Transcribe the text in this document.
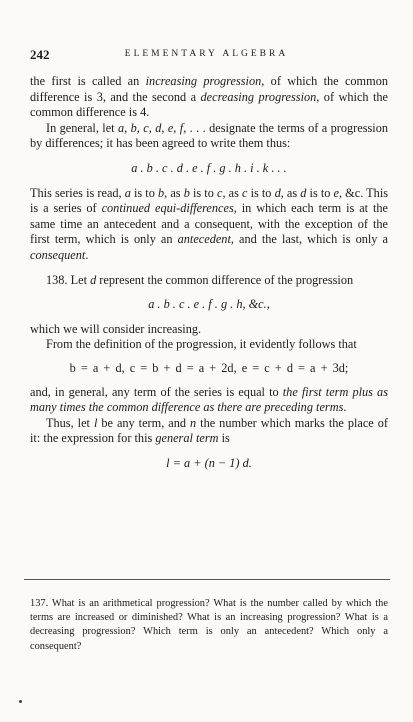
242	ELEMENTARY ALGEBRA

the first is called an increasing progression, of which the common difference is 3, and the second a decreasing progression, of which the common difference is 4.

In general, let a, b, c, d, e, f, . . . designate the terms of a progression by differences; it has been agreed to write them thus:

a . b . c . d . e . f . g . h . i . k . . .

This series is read, a is to b, as b is to c, as c is to d, as d is to e, &c. This is a series of continued equi-differences, in which each term is at the same time an antecedent and a consequent, with the exception of the first term, which is only an antecedent, and the last, which is only a consequent.

138. Let d represent the common difference of the progression

a . b . c . e . f . g . h, &c.,

which we will consider increasing.

From the definition of the progression, it evidently follows that

b = a + d, c = b + d = a + 2d, e = c + d = a + 3d;

and, in general, any term of the series is equal to the first term plus as many times the common difference as there are preceding terms.

Thus, let l be any term, and n the number which marks the place of it: the expression for this general term is

l = a + (n − 1) d.

137. What is an arithmetical progression? What is the number called by which the terms are increased or diminished? What is an increasing progression? What is a decreasing progression? Which term is only an antecedent? Which only a consequent?
